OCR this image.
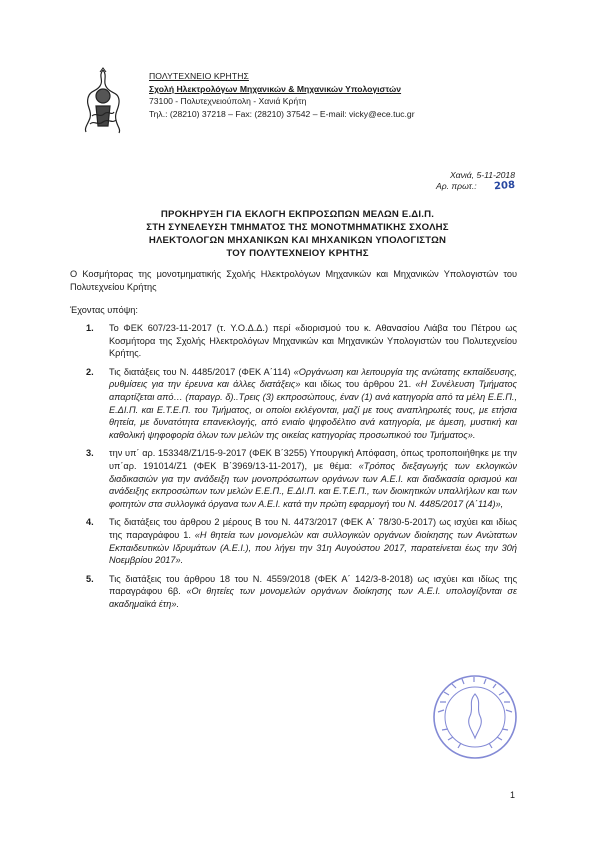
ΠΟΛΥΤΕΧΝΕΙΟ ΚΡΗΤΗΣ
Σχολή Ηλεκτρολόγων Μηχανικών & Μηχανικών Υπολογιστών
73100 - Πολυτεχνειούπολη - Χανιά Κρήτη
Τηλ.: (28210) 37218 – Fax: (28210) 37542 – E-mail: vicky@ece.tuc.gr
Χανιά, 5-11-2018
Αρ. πρωτ.: 208
ΠΡΟΚΗΡΥΞΗ ΓΙΑ ΕΚΛΟΓΗ ΕΚΠΡΟΣΩΠΩΝ ΜΕΛΩΝ Ε.ΔΙ.Π.
ΣΤΗ ΣΥΝΕΛΕΥΣΗ ΤΜΗΜΑΤΟΣ ΤΗΣ ΜΟΝΟΤΜΗΜΑΤΙΚΗΣ ΣΧΟΛΗΣ
ΗΛΕΚΤΟΛΟΓΩΝ ΜΗΧΑΝΙΚΩΝ ΚΑΙ ΜΗΧΑΝΙΚΩΝ ΥΠΟΛΟΓΙΣΤΩΝ
ΤΟΥ ΠΟΛΥΤΕΧΝΕΙΟΥ ΚΡΗΤΗΣ
Ο Κοσμήτορας της μονοτμηματικής Σχολής Ηλεκτρολόγων Μηχανικών και Μηχανικών Υπολογιστών του Πολυτεχνείου Κρήτης
Έχοντας υπόψη:
1. Το ΦΕΚ 607/23-11-2017 (τ. Υ.Ο.Δ.Δ.) περί «διορισμού του κ. Αθανασίου Λιάβα του Πέτρου ως Κοσμήτορα της Σχολής Ηλεκτρολόγων Μηχανικών και Μηχανικών Υπολογιστών του Πολυτεχνείου Κρήτης.
2. Τις διατάξεις του Ν. 4485/2017 (ΦΕΚ Α΄114) «Οργάνωση και λειτουργία της ανώτατης εκπαίδευσης, ρυθμίσεις για την έρευνα και άλλες διατάξεις» και ιδίως του άρθρου 21. «Η Συνέλευση Τμήματος απαρτίζεται από… (παραγρ. δ)..Τρεις (3) εκπροσώπους, έναν (1) ανά κατηγορία από τα μέλη Ε.Ε.Π., Ε.ΔΙ.Π. και Ε.Τ.Ε.Π. του Τμήματος, οι οποίοι εκλέγονται, μαζί με τους αναπληρωτές τους, με ετήσια θητεία, με δυνατότητα επανεκλογής, από ενιαίο ψηφοδέλτιο ανά κατηγορία, με άμεση, μυστική και καθολική ψηφοφορία όλων των μελών της οικείας κατηγορίας προσωπικού του Τμήματος».
3. την υπ΄ αρ. 153348/Ζ1/15-9-2017 (ΦΕΚ Β΄3255) Υπουργική Απόφαση, όπως τροποποιήθηκε με την υπ΄αρ. 191014/Ζ1 (ΦΕΚ Β΄3969/13-11-2017), με θέμα: «Τρόπος διεξαγωγής των εκλογικών διαδικασιών για την ανάδειξη των μονοπρόσωπων οργάνων των Α.Ε.Ι. και διαδικασία ορισμού και ανάδειξης εκπροσώπων των μελών Ε.Ε.Π., Ε.ΔΙ.Π. και Ε.Τ.Ε.Π., των διοικητικών υπαλλήλων και των φοιτητών στα συλλογικά όργανα των Α.Ε.Ι. κατά την πρώτη εφαρμογή του Ν. 4485/2017 (Α΄114)»,
4. Τις διατάξεις του άρθρου 2 μέρους Β του Ν. 4473/2017 (ΦΕΚ Α΄ 78/30-5-2017) ως ισχύει και ιδίως της παραγράφου 1. «Η θητεία των μονομελών και συλλογικών οργάνων διοίκησης των Ανώτατων Εκπαιδευτικών Ιδρυμάτων (Α.Ε.Ι.), που λήγει την 31η Αυγούστου 2017, παρατείνεται έως την 30ή Νοεμβρίου 2017».
5. Τις διατάξεις του άρθρου 18 του Ν. 4559/2018 (ΦΕΚ Α΄ 142/3-8-2018) ως ισχύει και ιδίως της παραγράφου 6β. «Οι θητείες των μονομελών οργάνων διοίκησης των Α.Ε.Ι. υπολογίζονται σε ακαδημαϊκά έτη».
1
